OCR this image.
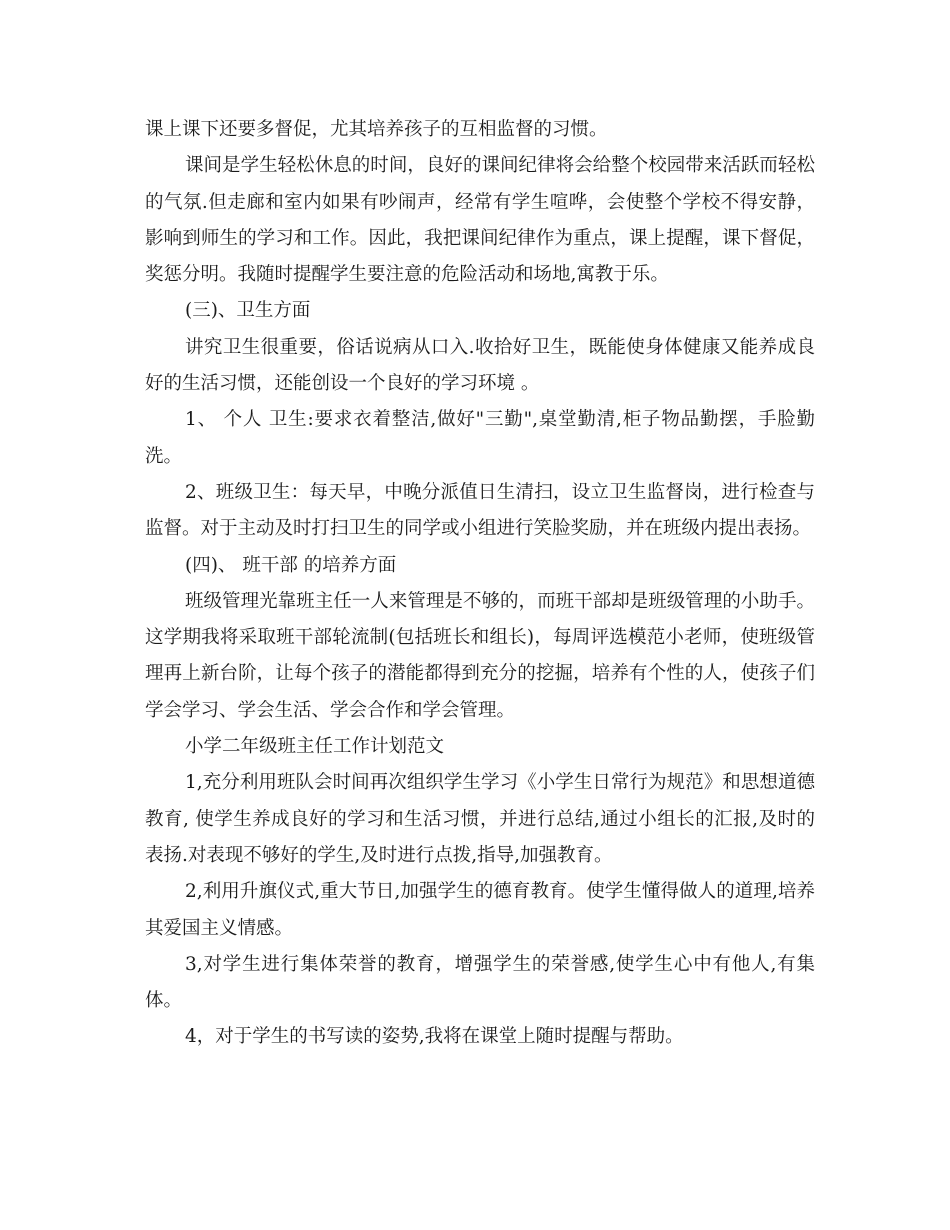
课上课下还要多督促，尤其培养孩子的互相监督的习惯。

课间是学生轻松休息的时间，良好的课间纪律将会给整个校园带来活跃而轻松的气氛.但走廊和室内如果有吵闹声，经常有学生喧哗，会使整个学校不得安静，影响到师生的学习和工作。因此，我把课间纪律作为重点，课上提醒，课下督促，奖惩分明。我随时提醒学生要注意的危险活动和场地,寓教于乐。

(三)、卫生方面

讲究卫生很重要，俗话说病从口入.收拾好卫生，既能使身体健康又能养成良好的生活习惯，还能创设一个良好的学习环境 。

1、 个人 卫生:要求衣着整洁,做好"三勤",桌堂勤清,柜子物品勤摆，手脸勤洗。

2、班级卫生：每天早，中晚分派值日生清扫，设立卫生监督岗，进行检查与监督。对于主动及时打扫卫生的同学或小组进行笑脸奖励，并在班级内提出表扬。

(四)、 班干部 的培养方面

班级管理光靠班主任一人来管理是不够的，而班干部却是班级管理的小助手。这学期我将采取班干部轮流制(包括班长和组长)，每周评选模范小老师，使班级管理再上新台阶，让每个孩子的潜能都得到充分的挖掘，培养有个性的人，使孩子们学会学习、学会生活、学会合作和学会管理。

小学二年级班主任工作计划范文

1,充分利用班队会时间再次组织学生学习《小学生日常行为规范》和思想道德教育, 使学生养成良好的学习和生活习惯，并进行总结,通过小组长的汇报,及时的表扬.对表现不够好的学生,及时进行点拨,指导,加强教育。

2,利用升旗仪式,重大节日,加强学生的德育教育。使学生懂得做人的道理,培养其爱国主义情感。

3,对学生进行集体荣誉的教育，增强学生的荣誉感,使学生心中有他人,有集体。

4，对于学生的书写读的姿势,我将在课堂上随时提醒与帮助。
